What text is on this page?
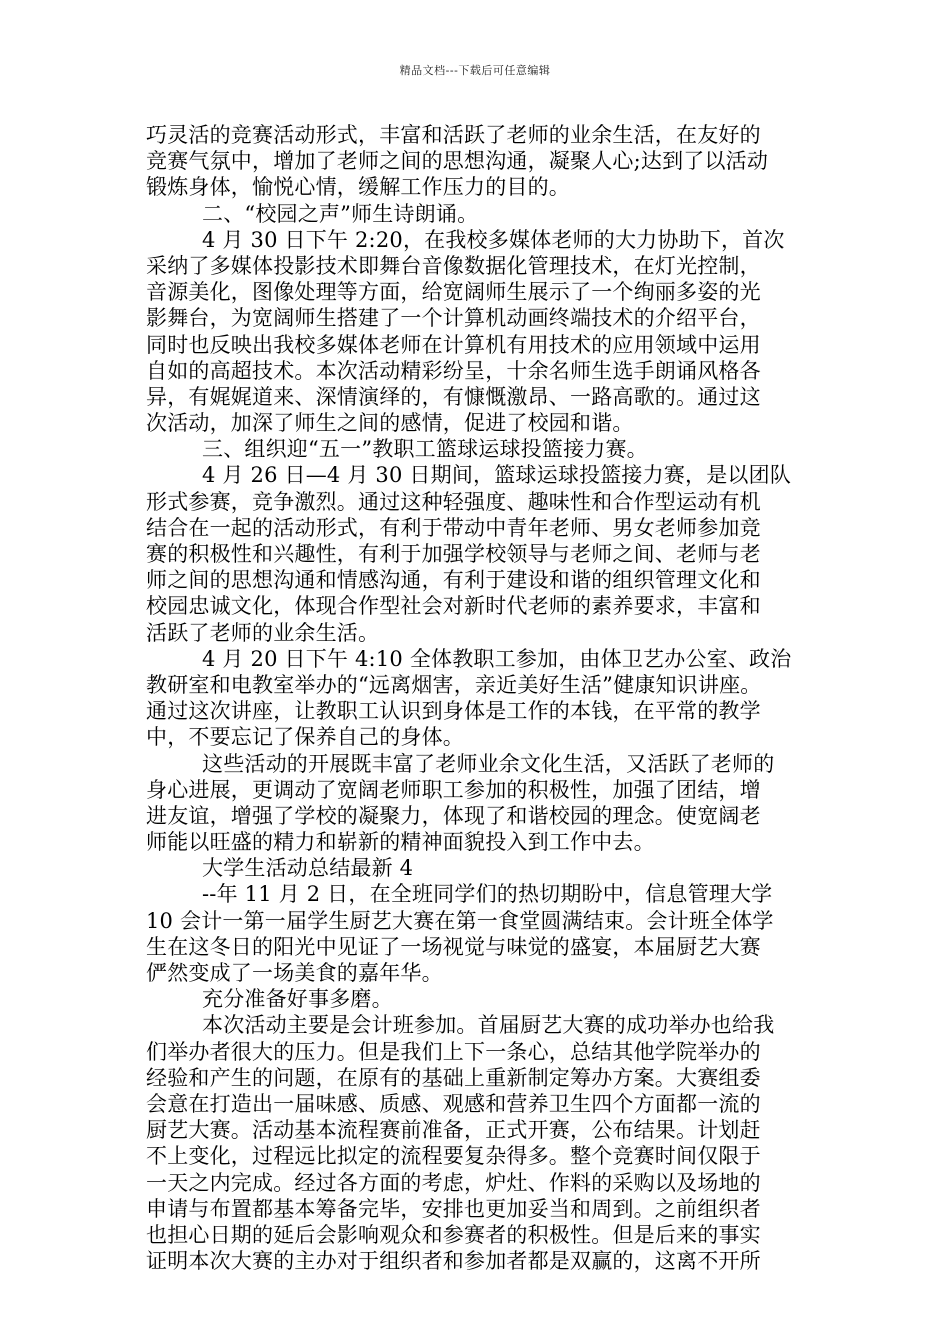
精品文档---下载后可任意编辑
巧灵活的竞赛活动形式，丰富和活跃了老师的业余生活，在友好的
竞赛气氛中，增加了老师之间的思想沟通，凝聚人心;达到了以活动
锻炼身体，愉悦心情，缓解工作压力的目的。
二、“校园之声”师生诗朗诵。
4 月 30 日下午 2:20，在我校多媒体老师的大力协助下，首次
采纳了多媒体投影技术即舞台音像数据化管理技术，在灯光控制，
音源美化，图像处理等方面，给宽阔师生展示了一个绚丽多姿的光
影舞台，为宽阔师生搭建了一个计算机动画终端技术的介绍平台，
同时也反映出我校多媒体老师在计算机有用技术的应用领域中运用
自如的高超技术。本次活动精彩纷呈，十余名师生选手朗诵风格各
异，有娓娓道来、深情演绎的，有慷慨激昂、一路高歌的。通过这
次活动，加深了师生之间的感情，促进了校园和谐。
三、组织迎“五一”教职工篮球运球投篮接力赛。
4 月 26 日—4 月 30 日期间，篮球运球投篮接力赛，是以团队
形式参赛，竞争激烈。通过这种轻强度、趣味性和合作型运动有机
结合在一起的活动形式，有利于带动中青年老师、男女老师参加竞
赛的积极性和兴趣性，有利于加强学校领导与老师之间、老师与老
师之间的思想沟通和情感沟通，有利于建设和谐的组织管理文化和
校园忠诚文化，体现合作型社会对新时代老师的素养要求，丰富和
活跃了老师的业余生活。
4 月 20 日下午 4:10 全体教职工参加，由体卫艺办公室、政治
教研室和电教室举办的“远离烟害，亲近美好生活”健康知识讲座。
通过这次讲座，让教职工认识到身体是工作的本钱，在平常的教学
中，不要忘记了保养自己的身体。
这些活动的开展既丰富了老师业余文化生活，又活跃了老师的
身心进展，更调动了宽阔老师职工参加的积极性，加强了团结，增
进友谊，增强了学校的凝聚力，体现了和谐校园的理念。使宽阔老
师能以旺盛的精力和崭新的精神面貌投入到工作中去。
大学生活动总结最新 4
--年 11 月 2 日，在全班同学们的热切期盼中，信息管理大学
10 会计一第一届学生厨艺大赛在第一食堂圆满结束。会计班全体学
生在这冬日的阳光中见证了一场视觉与味觉的盛宴，本届厨艺大赛
俨然变成了一场美食的嘉年华。
充分准备好事多磨。
本次活动主要是会计班参加。首届厨艺大赛的成功举办也给我
们举办者很大的压力。但是我们上下一条心，总结其他学院举办的
经验和产生的问题，在原有的基础上重新制定筹办方案。大赛组委
会意在打造出一届味感、质感、观感和营养卫生四个方面都一流的
厨艺大赛。活动基本流程赛前准备，正式开赛，公布结果。计划赶
不上变化，过程远比拟定的流程要复杂得多。整个竞赛时间仅限于
一天之内完成。经过各方面的考虑，炉灶、作料的采购以及场地的
申请与布置都基本筹备完毕，安排也更加妥当和周到。之前组织者
也担心日期的延后会影响观众和参赛者的积极性。但是后来的事实
证明本次大赛的主办对于组织者和参加者都是双赢的，这离不开所
